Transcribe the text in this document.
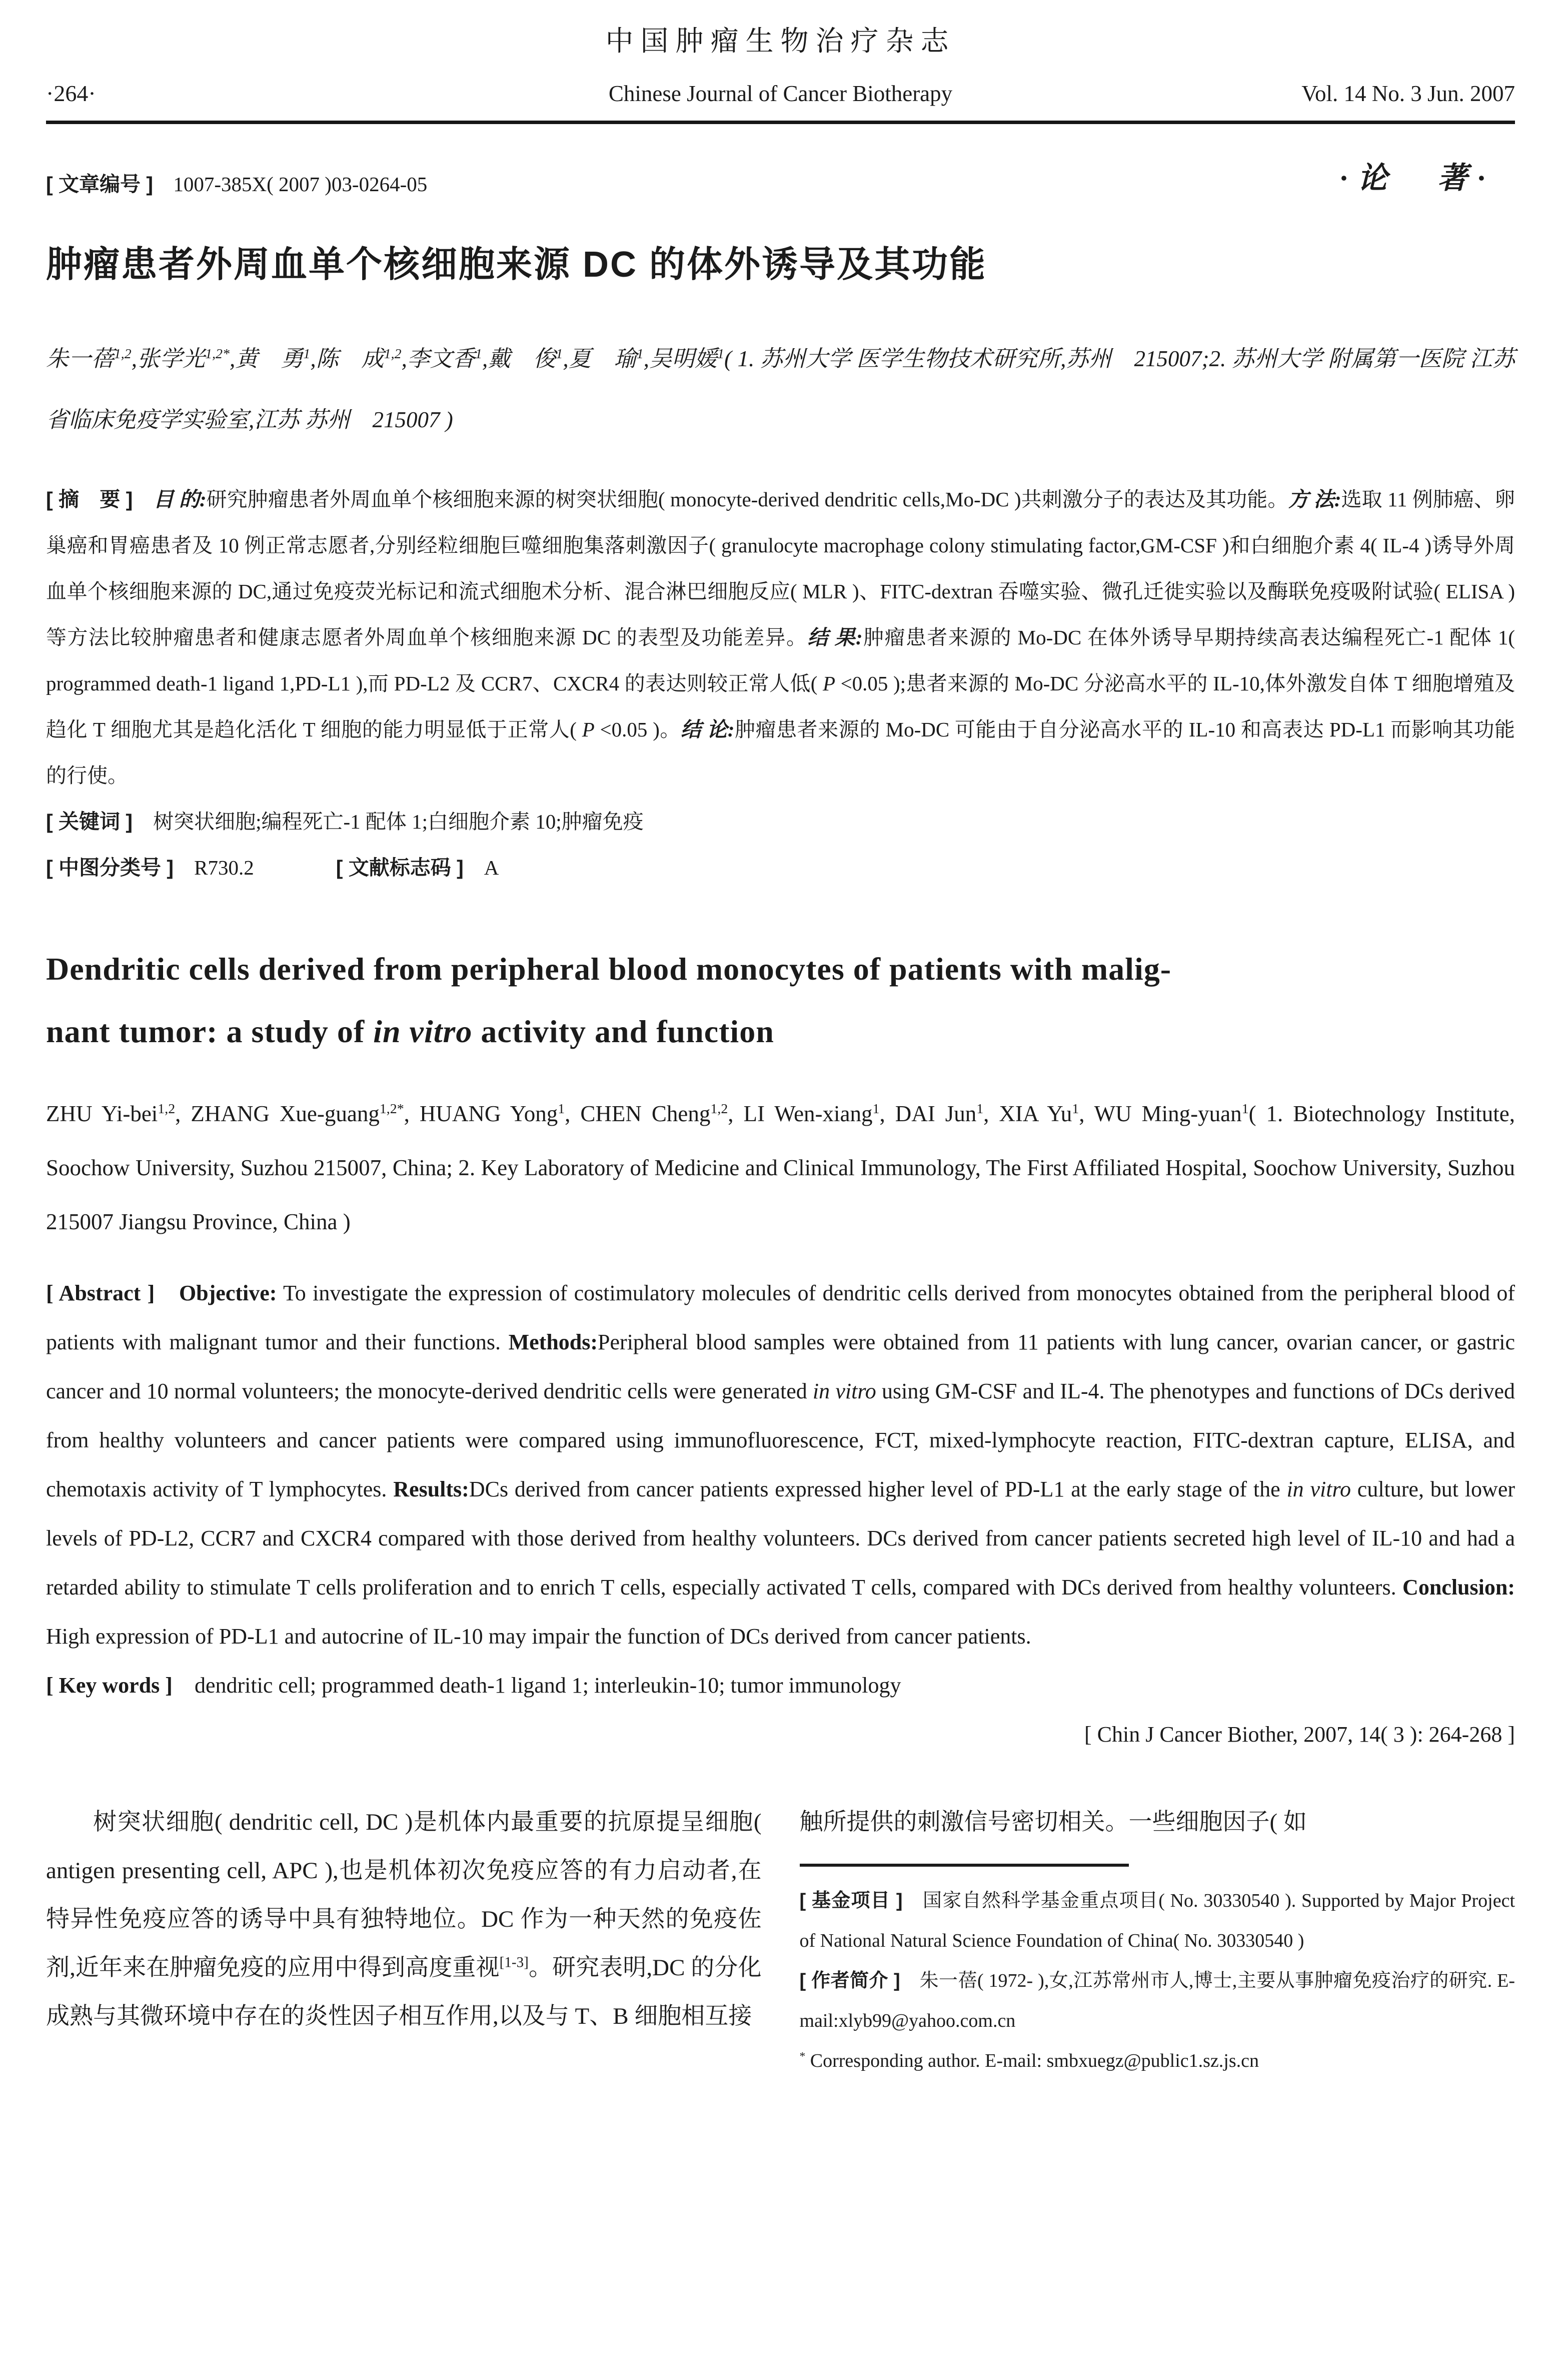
中国肿瘤生物治疗杂志
·264·	Chinese Journal of Cancer Biotherapy	Vol. 14 No. 3 Jun. 2007
[ 文章编号 ] 1007-385X( 2007 )03-0264-05	·论　著·
肿瘤患者外周血单个核细胞来源 DC 的体外诱导及其功能

朱一蓓$^{1,2}$,张学光$^{1,2*}$,黄　勇$^1$,陈　成$^{1,2}$,李文香$^1$,戴　俊$^1$,夏　瑜$^1$,吴明媛$^1$( 1. 苏州大学 医学生物技术研究所,苏州　215007;2. 苏州大学 附属第一医院 江苏省临床免疫学实验室,江苏 苏州　215007 )

[ 摘　要 ]　 目 的:研究肿瘤患者外周血单个核细胞来源的树突状细胞( monocyte-derived dendritic cells,Mo-DC )共刺激分子的表达及其功能。方 法:选取 11 例肺癌、卵巢癌和胃癌患者及 10 例正常志愿者,分别经粒细胞巨噬细胞集落刺激因子( granulocyte macrophage colony stimulating factor,GM-CSF )和白细胞介素 4( IL-4 )诱导外周血单个核细胞来源的 DC,通过免疫荧光标记和流式细胞术分析、混合淋巴细胞反应( MLR )、FITC-dextran 吞噬实验、微孔迁徙实验以及酶联免疫吸附试验( ELISA )等方法比较肿瘤患者和健康志愿者外周血单个核细胞来源 DC 的表型及功能差异。结 果:肿瘤患者来源的 Mo-DC 在体外诱导早期持续高表达编程死亡-1 配体 1( programmed death-1 ligand 1,PD-L1 ),而 PD-L2 及 CCR7、CXCR4 的表达则较正常人低( P <0.05 );患者来源的 Mo-DC 分泌高水平的 IL-10,体外激发自体 T 细胞增殖及趋化 T 细胞尤其是趋化活化 T 细胞的能力明显低于正常人( P <0.05 )。结 论:肿瘤患者来源的 Mo-DC 可能由于自分泌高水平的 IL-10 和高表达 PD-L1 而影响其功能的行使。

[ 关键词 ]　树突状细胞;编程死亡-1 配体 1;白细胞介素 10;肿瘤免疫

[ 中图分类号 ]　R730.2　　　　	[ 文献标志码 ]　A

Dendritic cells derived from peripheral blood monocytes of patients with malig-
nant tumor: a study of in vitro activity and function

ZHU Yi-bei$^{1,2}$, ZHANG Xue-guang$^{1,2*}$, HUANG Yong$^1$, CHEN Cheng$^{1,2}$, LI Wen-xiang$^1$, DAI Jun$^1$, XIA Yu$^1$, WU Ming-yuan$^1$( 1. Biotechnology Institute, Soochow University, Suzhou 215007, China; 2. Key Laboratory of Medicine and Clinical Immunology, The First Affiliated Hospital, Soochow University, Suzhou 215007 Jiangsu Province, China )

[ Abstract ]　 Objective: To investigate the expression of costimulatory molecules of dendritic cells derived from monocytes obtained from the peripheral blood of patients with malignant tumor and their functions. Methods:Peripheral blood samples were obtained from 11 patients with lung cancer, ovarian cancer, or gastric cancer and 10 normal volunteers; the monocyte-derived dendritic cells were generated in vitro using GM-CSF and IL-4. The phenotypes and functions of DCs derived from healthy volunteers and cancer patients were compared using immunofluorescence, FCT, mixed-lymphocyte reaction, FITC-dextran capture, ELISA, and chemotaxis activity of T lymphocytes. Results:DCs derived from cancer patients expressed higher level of PD-L1 at the early stage of the in vitro culture, but lower levels of PD-L2, CCR7 and CXCR4 compared with those derived from healthy volunteers. DCs derived from cancer patients secreted high level of IL-10 and had a retarded ability to stimulate T cells proliferation and to enrich T cells, especially activated T cells, compared with DCs derived from healthy volunteers. Conclusion: High expression of PD-L1 and autocrine of IL-10 may impair the function of DCs derived from cancer patients.

[ Key words ]　dendritic cell; programmed death-1 ligand 1; interleukin-10; tumor immunology

[ Chin J Cancer Biother, 2007, 14( 3 ): 264-268 ]

树突状细胞( dendritic cell, DC )是机体内最重要的抗原提呈细胞( antigen presenting cell, APC ),也是机体初次免疫应答的有力启动者,在特异性免疫应答的诱导中具有独特地位。DC 作为一种天然的免疫佐剂,近年来在肿瘤免疫的应用中得到高度重视[1-3]。研究表明,DC 的分化成熟与其微环境中存在的炎性因子相互作用,以及与 T、B 细胞相互接

触所提供的刺激信号密切相关。一些细胞因子( 如

[ 基金项目 ]　国家自然科学基金重点项目( No. 30330540 ). Supported by Major Project of National Natural Science Foundation of China( No. 30330540 )

[ 作者简介 ]　朱一蓓( 1972- ),女,江苏常州市人,博士,主要从事肿瘤免疫治疗的研究. E-mail:xlyb99@yahoo.com.cn

* Corresponding author. E-mail: smbxuegz@public1.sz.js.cn
